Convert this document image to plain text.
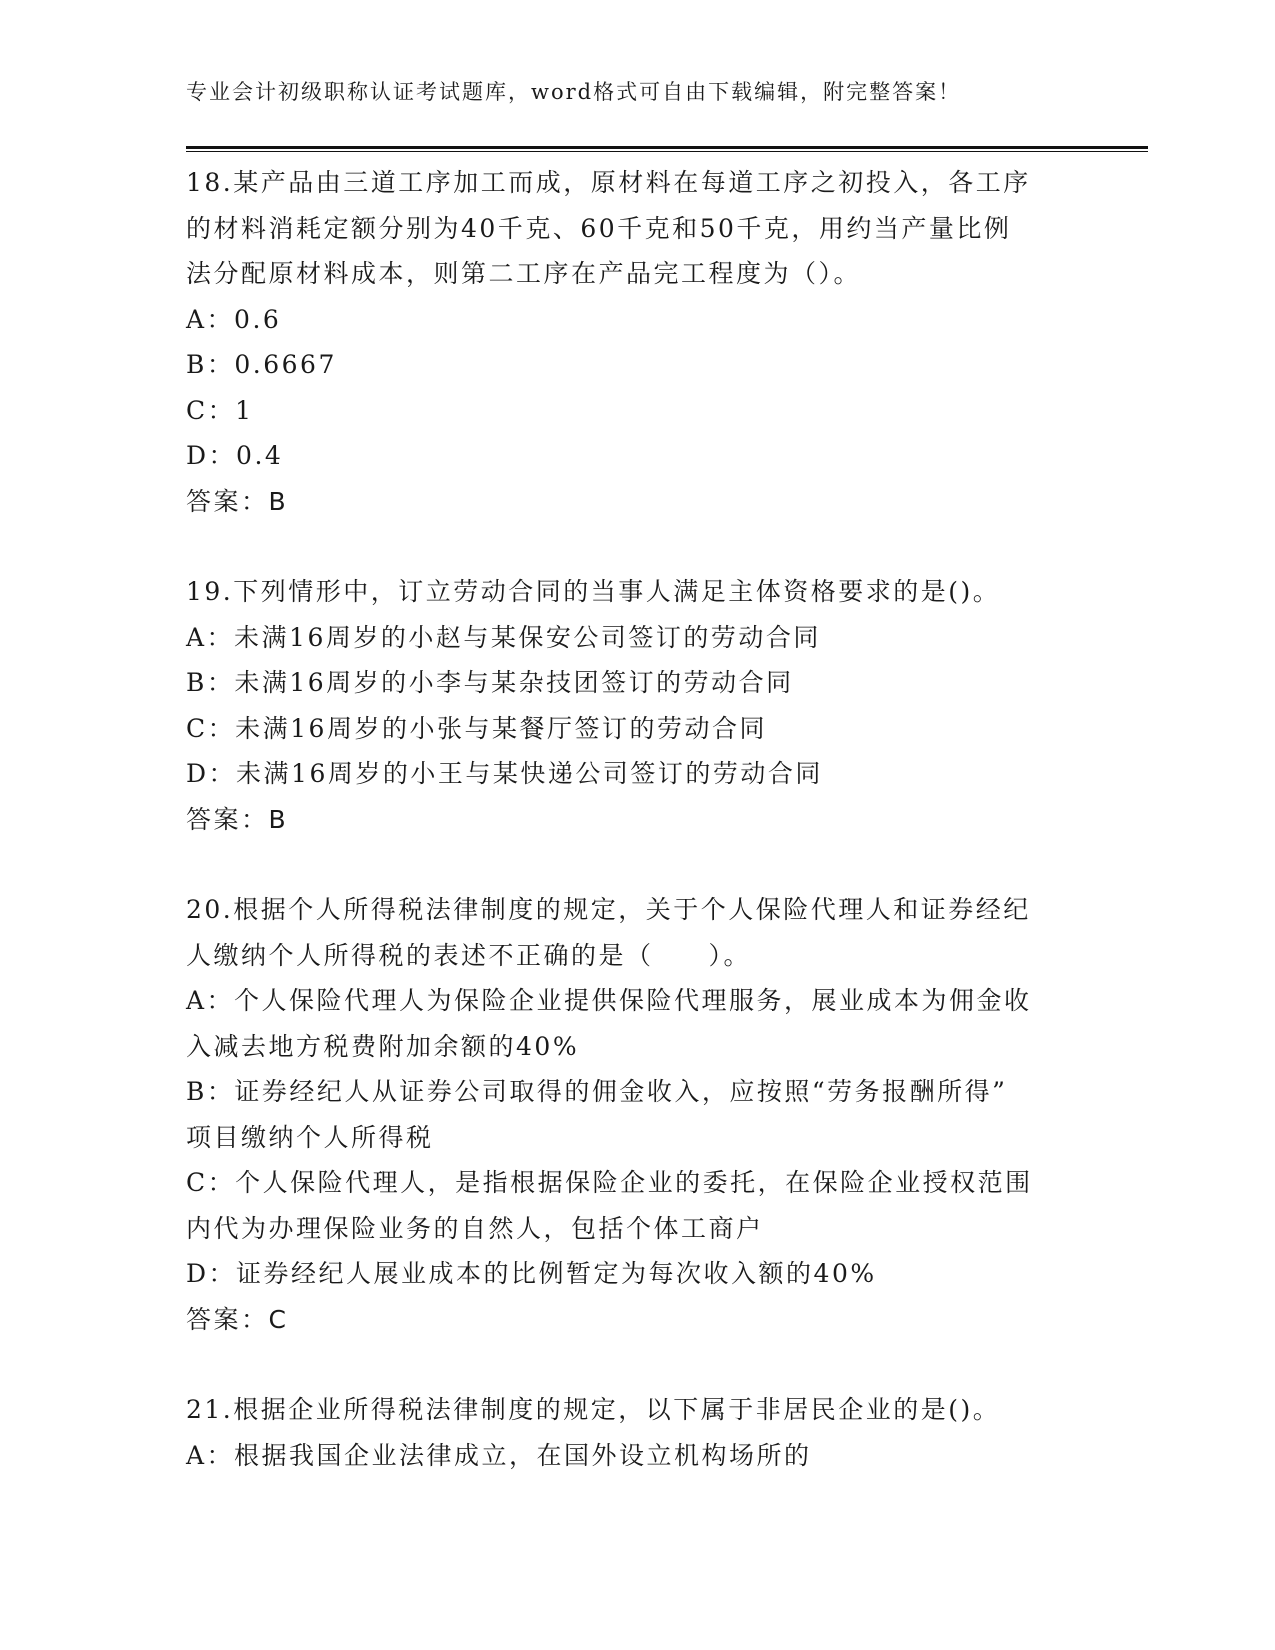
专业会计初级职称认证考试题库，word格式可自由下载编辑，附完整答案！
18.某产品由三道工序加工而成，原材料在每道工序之初投入，各工序
的材料消耗定额分别为40千克、60千克和50千克，用约当产量比例
法分配原材料成本，则第二工序在产品完工程度为（）。
A：0.6
B：0.6667
C：1
D：0.4
答案：B
19.下列情形中，订立劳动合同的当事人满足主体资格要求的是()。
A：未满16周岁的小赵与某保安公司签订的劳动合同
B：未满16周岁的小李与某杂技团签订的劳动合同
C：未满16周岁的小张与某餐厅签订的劳动合同
D：未满16周岁的小王与某快递公司签订的劳动合同
答案：B
20.根据个人所得税法律制度的规定，关于个人保险代理人和证券经纪
人缴纳个人所得税的表述不正确的是（　　）。
A：个人保险代理人为保险企业提供保险代理服务，展业成本为佣金收
入减去地方税费附加余额的40%
B：证券经纪人从证券公司取得的佣金收入，应按照“劳务报酬所得”
项目缴纳个人所得税
C：个人保险代理人，是指根据保险企业的委托，在保险企业授权范围
内代为办理保险业务的自然人，包括个体工商户
D：证券经纪人展业成本的比例暂定为每次收入额的40%
答案：C
21.根据企业所得税法律制度的规定，以下属于非居民企业的是()。
A：根据我国企业法律成立，在国外设立机构场所的
